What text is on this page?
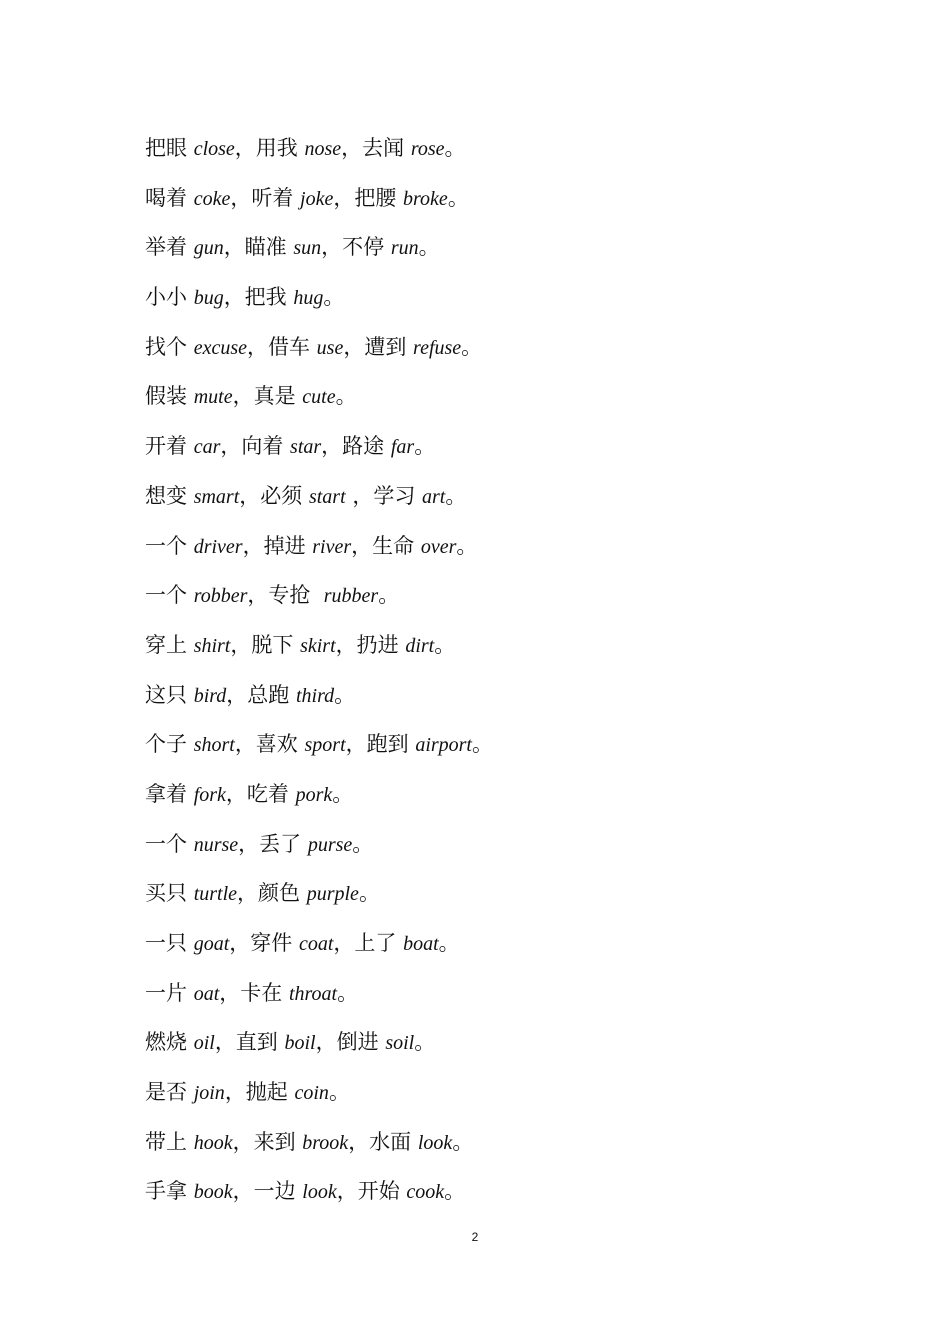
把眼 close，用我 nose，去闻 rose。
喝着 coke，听着 joke，把腰 broke。
举着 gun，瞄准 sun，不停 run。
小小 bug，把我 hug。
找个 excuse，借车 use，遭到 refuse。
假装 mute，真是 cute。
开着 car，向着 star，路途 far。
想变 smart，必须 start ，学习 art。
一个 driver，掉进 river，生命 over。
一个 robber，专抢  rubber。
穿上 shirt，脱下 skirt，扔进 dirt。
这只 bird，总跑 third。
个子 short，喜欢 sport，跑到 airport。
拿着 fork，吃着 pork。
一个 nurse，丢了 purse。
买只 turtle，颜色 purple。
一只 goat，穿件 coat，上了 boat。
一片 oat，卡在 throat。
燃烧 oil，直到 boil，倒进 soil。
是否 join，抛起 coin。
带上 hook，来到 brook，水面 look。
手拿 book，一边 look，开始 cook。
2
